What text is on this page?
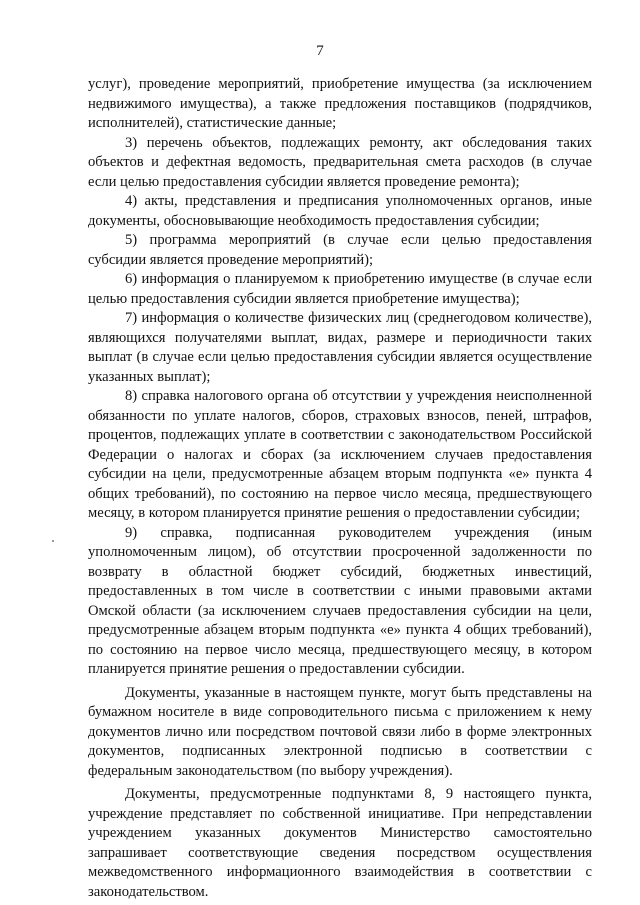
7

услуг), проведение мероприятий, приобретение имущества (за исключением недвижимого имущества), а также предложения поставщиков (подрядчиков, исполнителей), статистические данные;

3) перечень объектов, подлежащих ремонту, акт обследования таких объектов и дефектная ведомость, предварительная смета расходов (в случае если целью предоставления субсидии является проведение ремонта);

4) акты, представления и предписания уполномоченных органов, иные документы, обосновывающие необходимость предоставления субсидии;

5) программа мероприятий (в случае если целью предоставления субсидии является проведение мероприятий);

6) информация о планируемом к приобретению имуществе (в случае если целью предоставления субсидии является приобретение имущества);

7) информация о количестве физических лиц (среднегодовом количестве), являющихся получателями выплат, видах, размере и периодичности таких выплат (в случае если целью предоставления субсидии является осуществление указанных выплат);

8) справка налогового органа об отсутствии у учреждения неисполненной обязанности по уплате налогов, сборов, страховых взносов, пеней, штрафов, процентов, подлежащих уплате в соответствии с законодательством Российской Федерации о налогах и сборах (за исключением случаев предоставления субсидии на цели, предусмотренные абзацем вторым подпункта «е» пункта 4 общих требований), по состоянию на первое число месяца, предшествующего месяцу, в котором планируется принятие решения о предоставлении субсидии;

9) справка, подписанная руководителем учреждения (иным уполномоченным лицом), об отсутствии просроченной задолженности по возврату в областной бюджет субсидий, бюджетных инвестиций, предоставленных в том числе в соответствии с иными правовыми актами Омской области (за исключением случаев предоставления субсидии на цели, предусмотренные абзацем вторым подпункта «е» пункта 4 общих требований), по состоянию на первое число месяца, предшествующего месяцу, в котором планируется принятие решения о предоставлении субсидии.

Документы, указанные в настоящем пункте, могут быть представлены на бумажном носителе в виде сопроводительного письма с приложением к нему документов лично или посредством почтовой связи либо в форме электронных документов, подписанных электронной подписью в соответствии с федеральным законодательством (по выбору учреждения).

Документы, предусмотренные подпунктами 8, 9 настоящего пункта, учреждение представляет по собственной инициативе. При непредставлении учреждением указанных документов Министерство самостоятельно запрашивает соответствующие сведения посредством осуществления межведомственного информационного взаимодействия в соответствии с законодательством.
